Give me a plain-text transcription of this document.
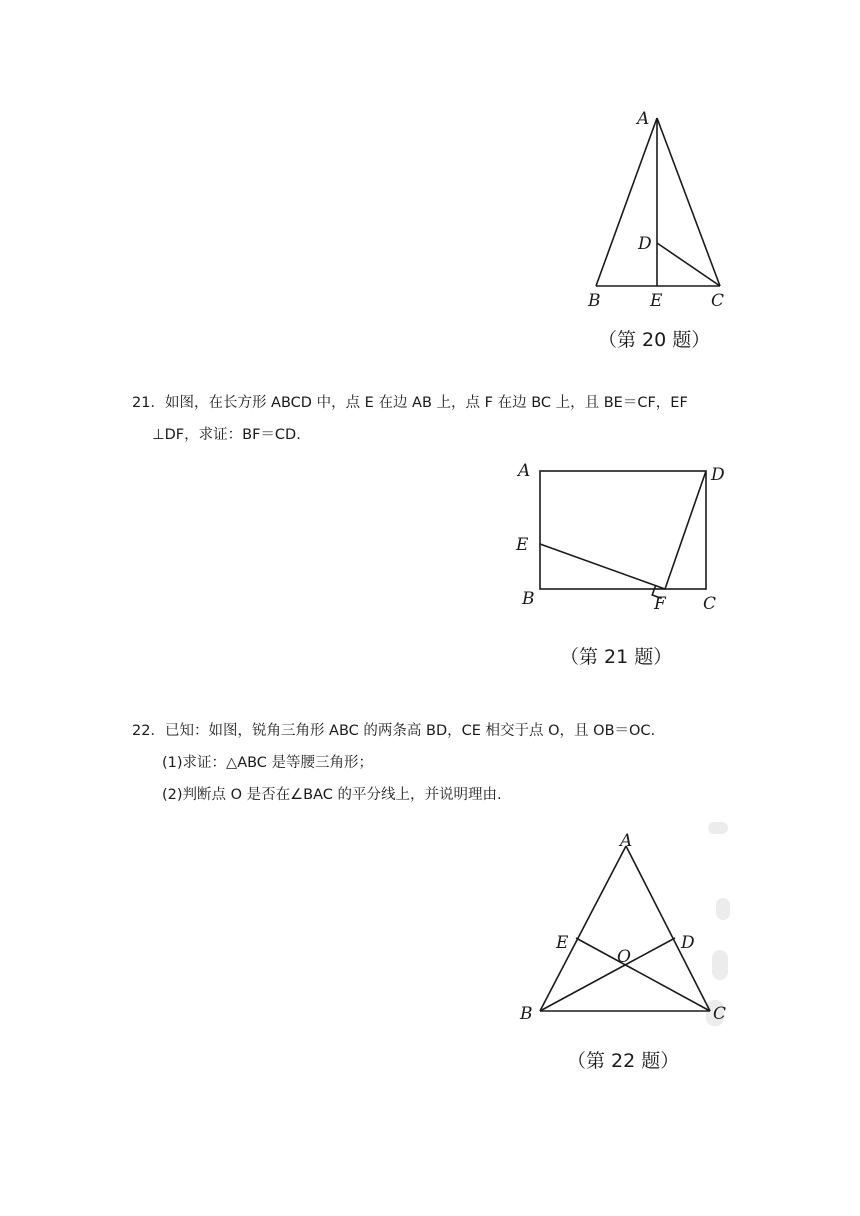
A
D
B	E	C
（第 20 题）
21．如图，在长方形 ABCD 中，点 E 在边 AB 上，点 F 在边 BC 上，且 BE＝CF，EF
⊥DF，求证：BF＝CD.
A	D
E
B	F C
（第 21 题）
22．已知：如图，锐角三角形 ABC 的两条高 BD，CE 相交于点 O，且 OB＝OC.
(1)求证：△ABC 是等腰三角形；
(2)判断点 O 是否在∠BAC 的平分线上，并说明理由.
A
E	D
O
B	C
（第 22 题）
